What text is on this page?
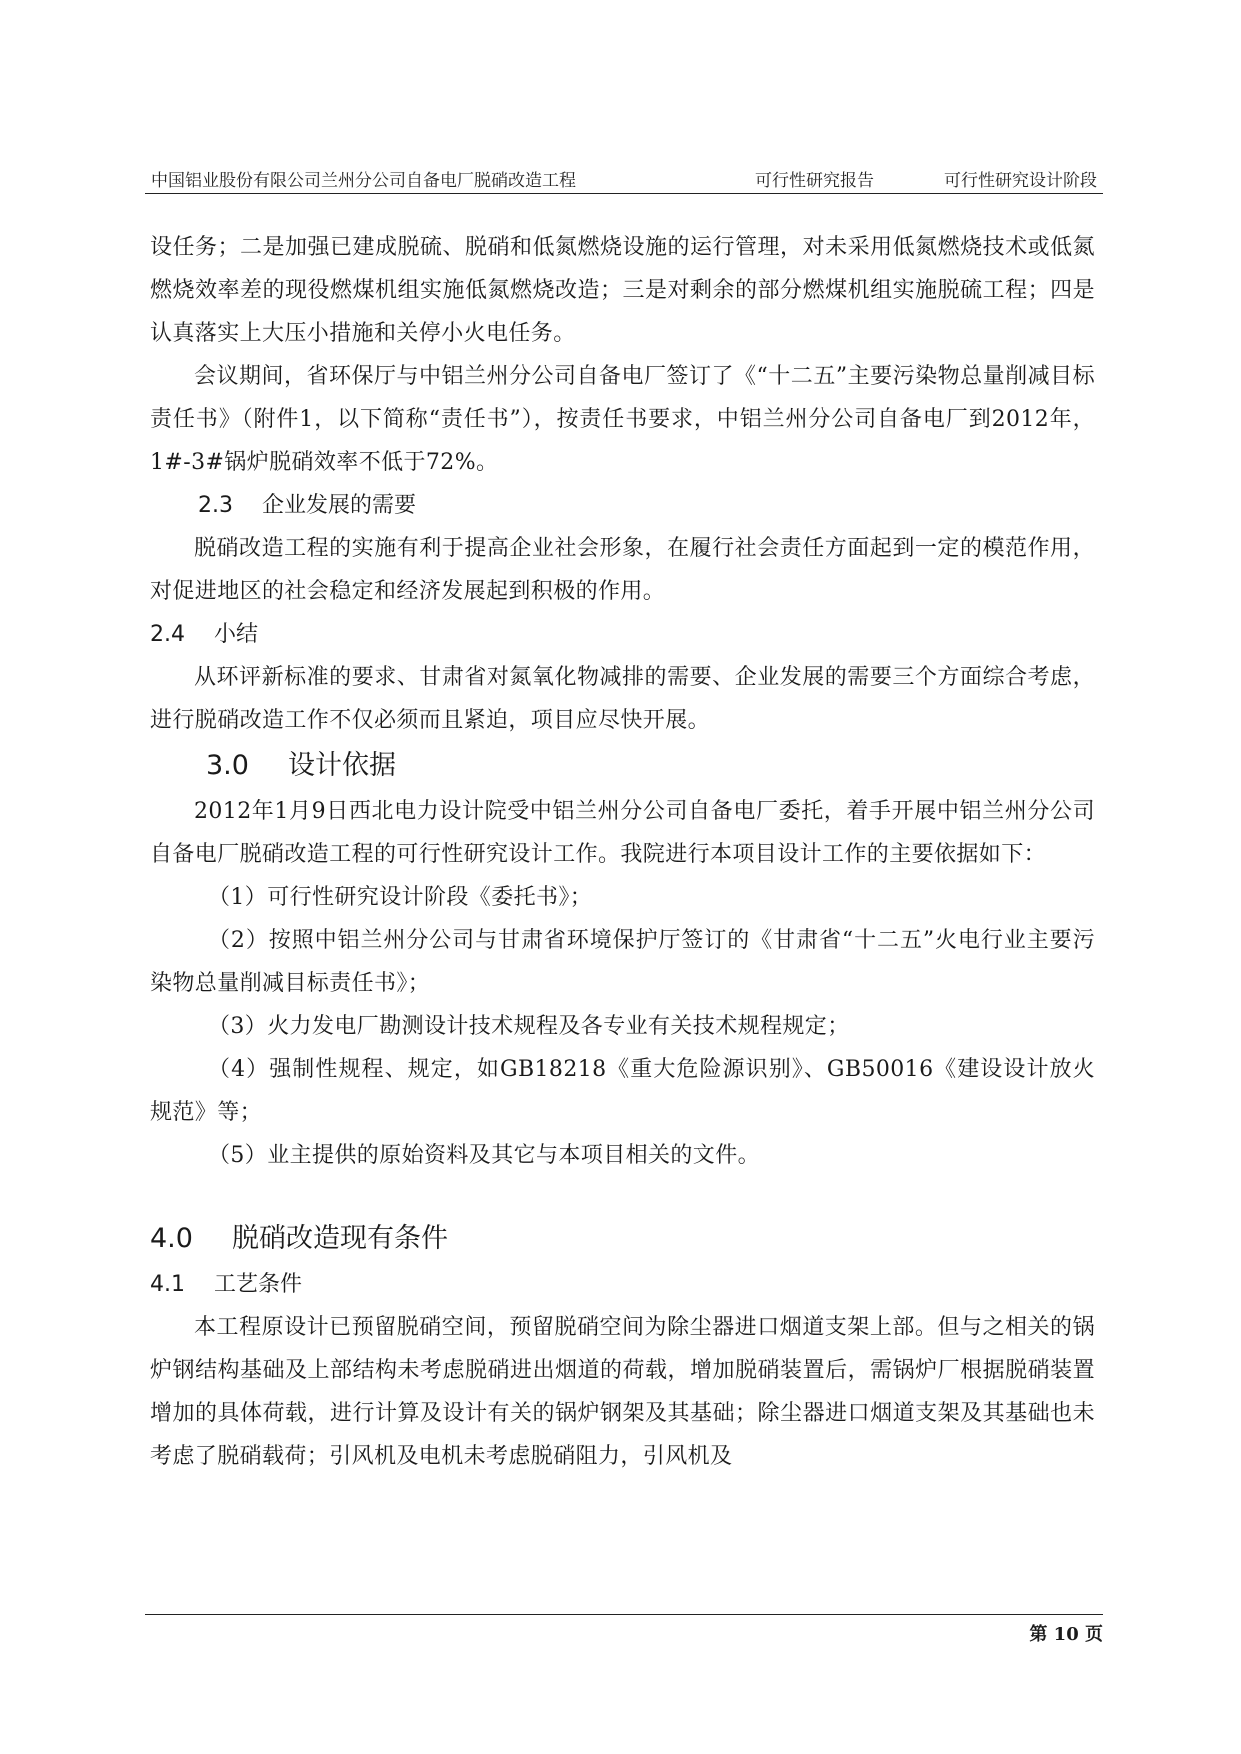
中国铝业股份有限公司兰州分公司自备电厂脱硝改造工程	可行性研究报告	可行性研究设计阶段

设任务；二是加强已建成脱硫、脱硝和低氮燃烧设施的运行管理，对未采用低氮燃烧技术或低氮燃烧效率差的现役燃煤机组实施低氮燃烧改造；三是对剩余的部分燃煤机组实施脱硫工程；四是认真落实上大压小措施和关停小火电任务。

会议期间，省环保厅与中铝兰州分公司自备电厂签订了《“十二五”主要污染物总量削减目标责任书》（附件1，以下简称“责任书”），按责任书要求，中铝兰州分公司自备电厂到2012年，1#-3#锅炉脱硝效率不低于72%。

2.3 企业发展的需要

脱硝改造工程的实施有利于提高企业社会形象，在履行社会责任方面起到一定的模范作用，对促进地区的社会稳定和经济发展起到积极的作用。

2.4 小结

从环评新标准的要求、甘肃省对氮氧化物减排的需要、企业发展的需要三个方面综合考虑，进行脱硝改造工作不仅必须而且紧迫，项目应尽快开展。

3.0 设计依据

2012年1月9日西北电力设计院受中铝兰州分公司自备电厂委托，着手开展中铝兰州分公司自备电厂脱硝改造工程的可行性研究设计工作。我院进行本项目设计工作的主要依据如下：

（1）可行性研究设计阶段《委托书》；

（2）按照中铝兰州分公司与甘肃省环境保护厅签订的《甘肃省“十二五”火电行业主要污染物总量削减目标责任书》；

（3）火力发电厂勘测设计技术规程及各专业有关技术规程规定；

（4）强制性规程、规定，如GB18218《重大危险源识别》、GB50016《建设设计放火规范》等；

（5）业主提供的原始资料及其它与本项目相关的文件。

4.0 脱硝改造现有条件
4.1 工艺条件

本工程原设计已预留脱硝空间，预留脱硝空间为除尘器进口烟道支架上部。但与之相关的锅炉钢结构基础及上部结构未考虑脱硝进出烟道的荷载，增加脱硝装置后，需锅炉厂根据脱硝装置增加的具体荷载，进行计算及设计有关的锅炉钢架及其基础；除尘器进口烟道支架及其基础也未考虑了脱硝载荷；引风机及电机未考虑脱硝阻力，引风机及

第 10 页
